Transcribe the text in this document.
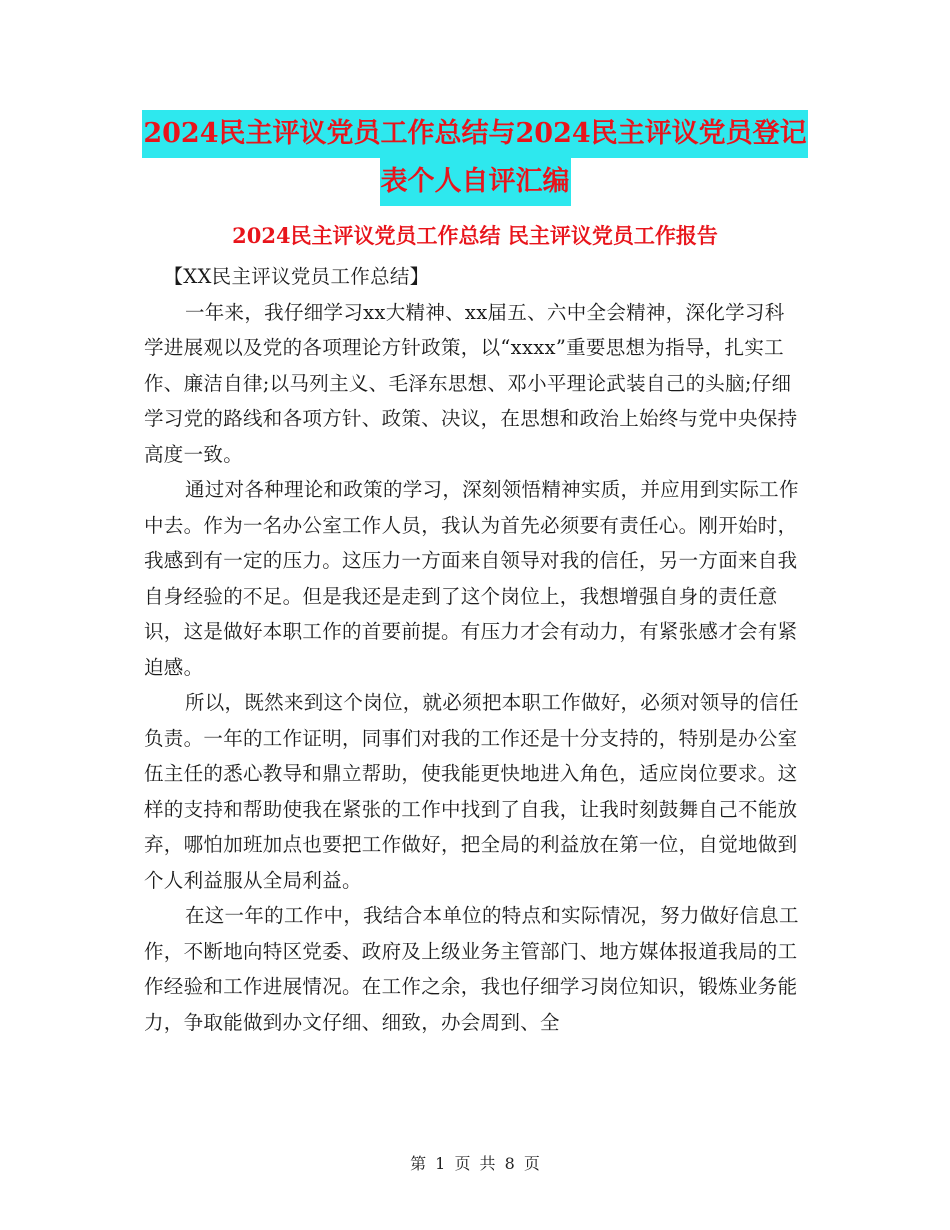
2024民主评议党员工作总结与2024民主评议党员登记
表个人自评汇编
2024民主评议党员工作总结 民主评议党员工作报告

【XX民主评议党员工作总结】

一年来，我仔细学习xx大精神、xx届五、六中全会精神，深化学习科学进展观以及党的各项理论方针政策，以“xxxx”重要思想为指导，扎实工作、廉洁自律;以马列主义、毛泽东思想、邓小平理论武装自己的头脑;仔细学习党的路线和各项方针、政策、决议，在思想和政治上始终与党中央保持高度一致。

通过对各种理论和政策的学习，深刻领悟精神实质，并应用到实际工作中去。作为一名办公室工作人员，我认为首先必须要有责任心。刚开始时，我感到有一定的压力。这压力一方面来自领导对我的信任，另一方面来自我自身经验的不足。但是我还是走到了这个岗位上，我想增强自身的责任意识，这是做好本职工作的首要前提。有压力才会有动力，有紧张感才会有紧迫感。

所以，既然来到这个岗位，就必须把本职工作做好，必须对领导的信任负责。一年的工作证明，同事们对我的工作还是十分支持的，特别是办公室伍主任的悉心教导和鼎立帮助，使我能更快地进入角色，适应岗位要求。这样的支持和帮助使我在紧张的工作中找到了自我，让我时刻鼓舞自己不能放弃，哪怕加班加点也要把工作做好，把全局的利益放在第一位，自觉地做到个人利益服从全局利益。

在这一年的工作中，我结合本单位的特点和实际情况，努力做好信息工作，不断地向特区党委、政府及上级业务主管部门、地方媒体报道我局的工作经验和工作进展情况。在工作之余，我也仔细学习岗位知识，锻炼业务能力，争取能做到办文仔细、细致，办会周到、全

第 1 页 共 8 页
